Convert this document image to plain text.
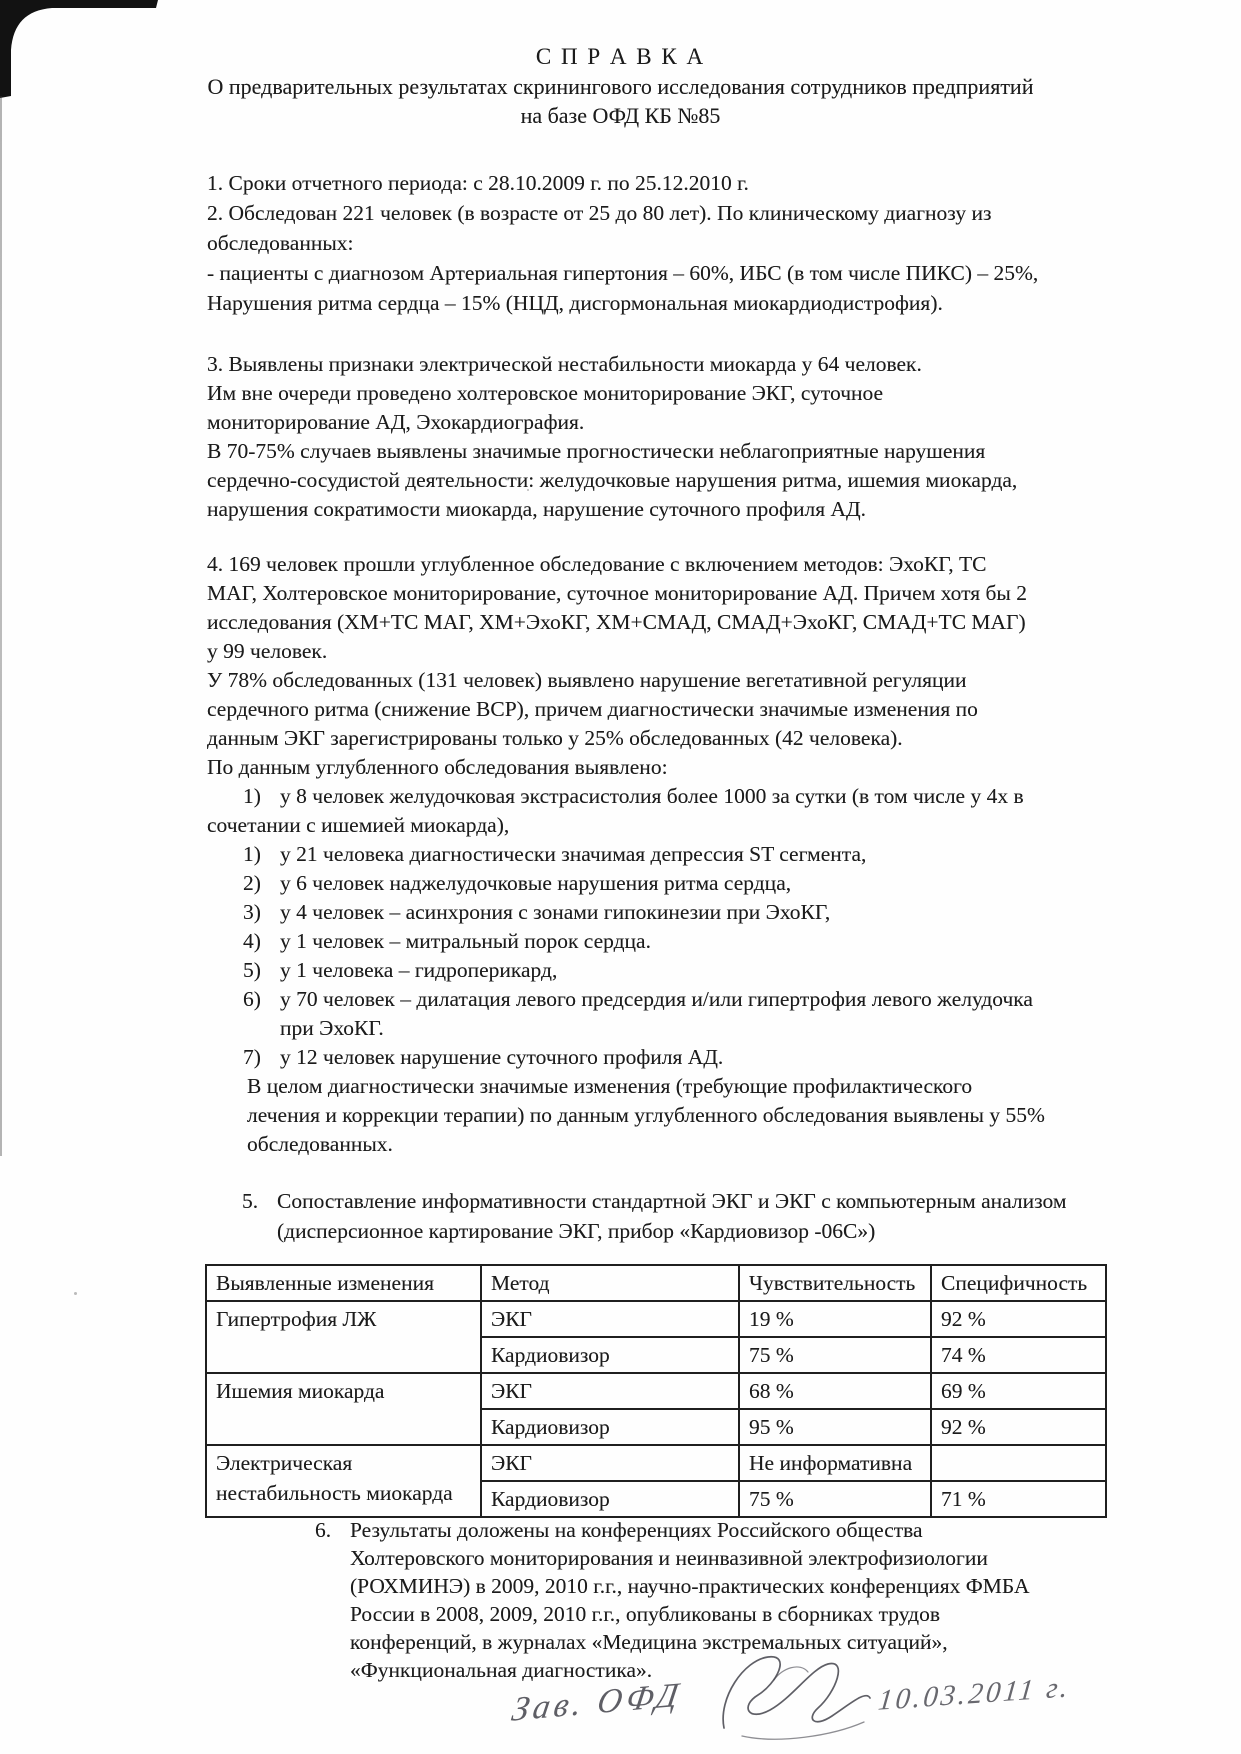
С П Р А В К А
О предварительных результатах скринингового исследования сотрудников предприятий
на базе ОФД КБ №85
1. Сроки отчетного периода: с 28.10.2009 г. по 25.12.2010 г.
2. Обследован 221 человек (в возрасте от 25 до 80 лет). По клиническому диагнозу из
обследованных:
- пациенты с диагнозом Артериальная гипертония – 60%, ИБС (в том числе ПИКС) – 25%,
Нарушения ритма сердца – 15% (НЦД, дисгормональная миокардиодистрофия).
3. Выявлены признаки электрической нестабильности миокарда у 64 человек.
Им вне очереди проведено холтеровское мониторирование ЭКГ, суточное
мониторирование АД, Эхокардиография.
В 70-75% случаев выявлены значимые прогностически неблагоприятные нарушения
сердечно-сосудистой деятельности: желудочковые нарушения ритма, ишемия миокарда,
нарушения сократимости миокарда, нарушение суточного профиля АД.
4. 169 человек прошли углубленное обследование с включением методов: ЭхоКГ, ТС
МАГ, Холтеровское мониторирование, суточное мониторирование АД. Причем хотя бы 2
исследования (ХМ+ТС МАГ, ХМ+ЭхоКГ, ХМ+СМАД, СМАД+ЭхоКГ, СМАД+ТС МАГ)
у 99 человек.
У 78% обследованных (131 человек) выявлено нарушение вегетативной регуляции
сердечного ритма (снижение ВСР), причем диагностически значимые изменения по
данным ЭКГ зарегистрированы только у 25% обследованных (42 человека).
По данным углубленного обследования выявлено:
1) у 8 человек желудочковая экстрасистолия более 1000 за сутки (в том числе у 4х в
сочетании с ишемией миокарда),
1) у 21 человека диагностически значимая депрессия ST сегмента,
2) у 6 человек наджелудочковые нарушения ритма сердца,
3) у 4 человек – асинхрония с зонами гипокинезии при ЭхоКГ,
4) у 1 человек – митральный порок сердца.
5) у 1 человека – гидроперикард,
6) у 70 человек – дилатация левого предсердия и/или гипертрофия левого желудочка
при ЭхоКГ.
7) у 12 человек нарушение суточного профиля АД.
В целом диагностически значимые изменения (требующие профилактического
лечения и коррекции терапии) по данным углубленного обследования выявлены у 55%
обследованных.
5. Сопоставление информативности стандартной ЭКГ и ЭКГ с компьютерным анализом
(дисперсионное картирование ЭКГ, прибор «Кардиовизор -06С»)
Выявленные изменения	Метод	Чувствительность	Специфичность

Гипертрофия ЛЖ	ЭКГ	19 %	92 %
	Кардиовизор	75 %	74 %

Ишемия миокарда	ЭКГ	68 %	69 %
	Кардиовизор	95 %	92 %

Электрическая
нестабильность миокарда	ЭКГ	Не информативна	
	Кардиовизор	75 %	71 %
6. Результаты доложены на конференциях Российского общества
Холтеровского мониторирования и неинвазивной электрофизиологии
(РОХМИНЭ) в 2009, 2010 г.г., научно-практических конференциях ФМБА
России в 2008, 2009, 2010 г.г., опубликованы в сборниках трудов
конференций, в журналах «Медицина экстремальных ситуаций»,
«Функциональная диагностика».
Зав. ОФД	10.03.2011 г.
